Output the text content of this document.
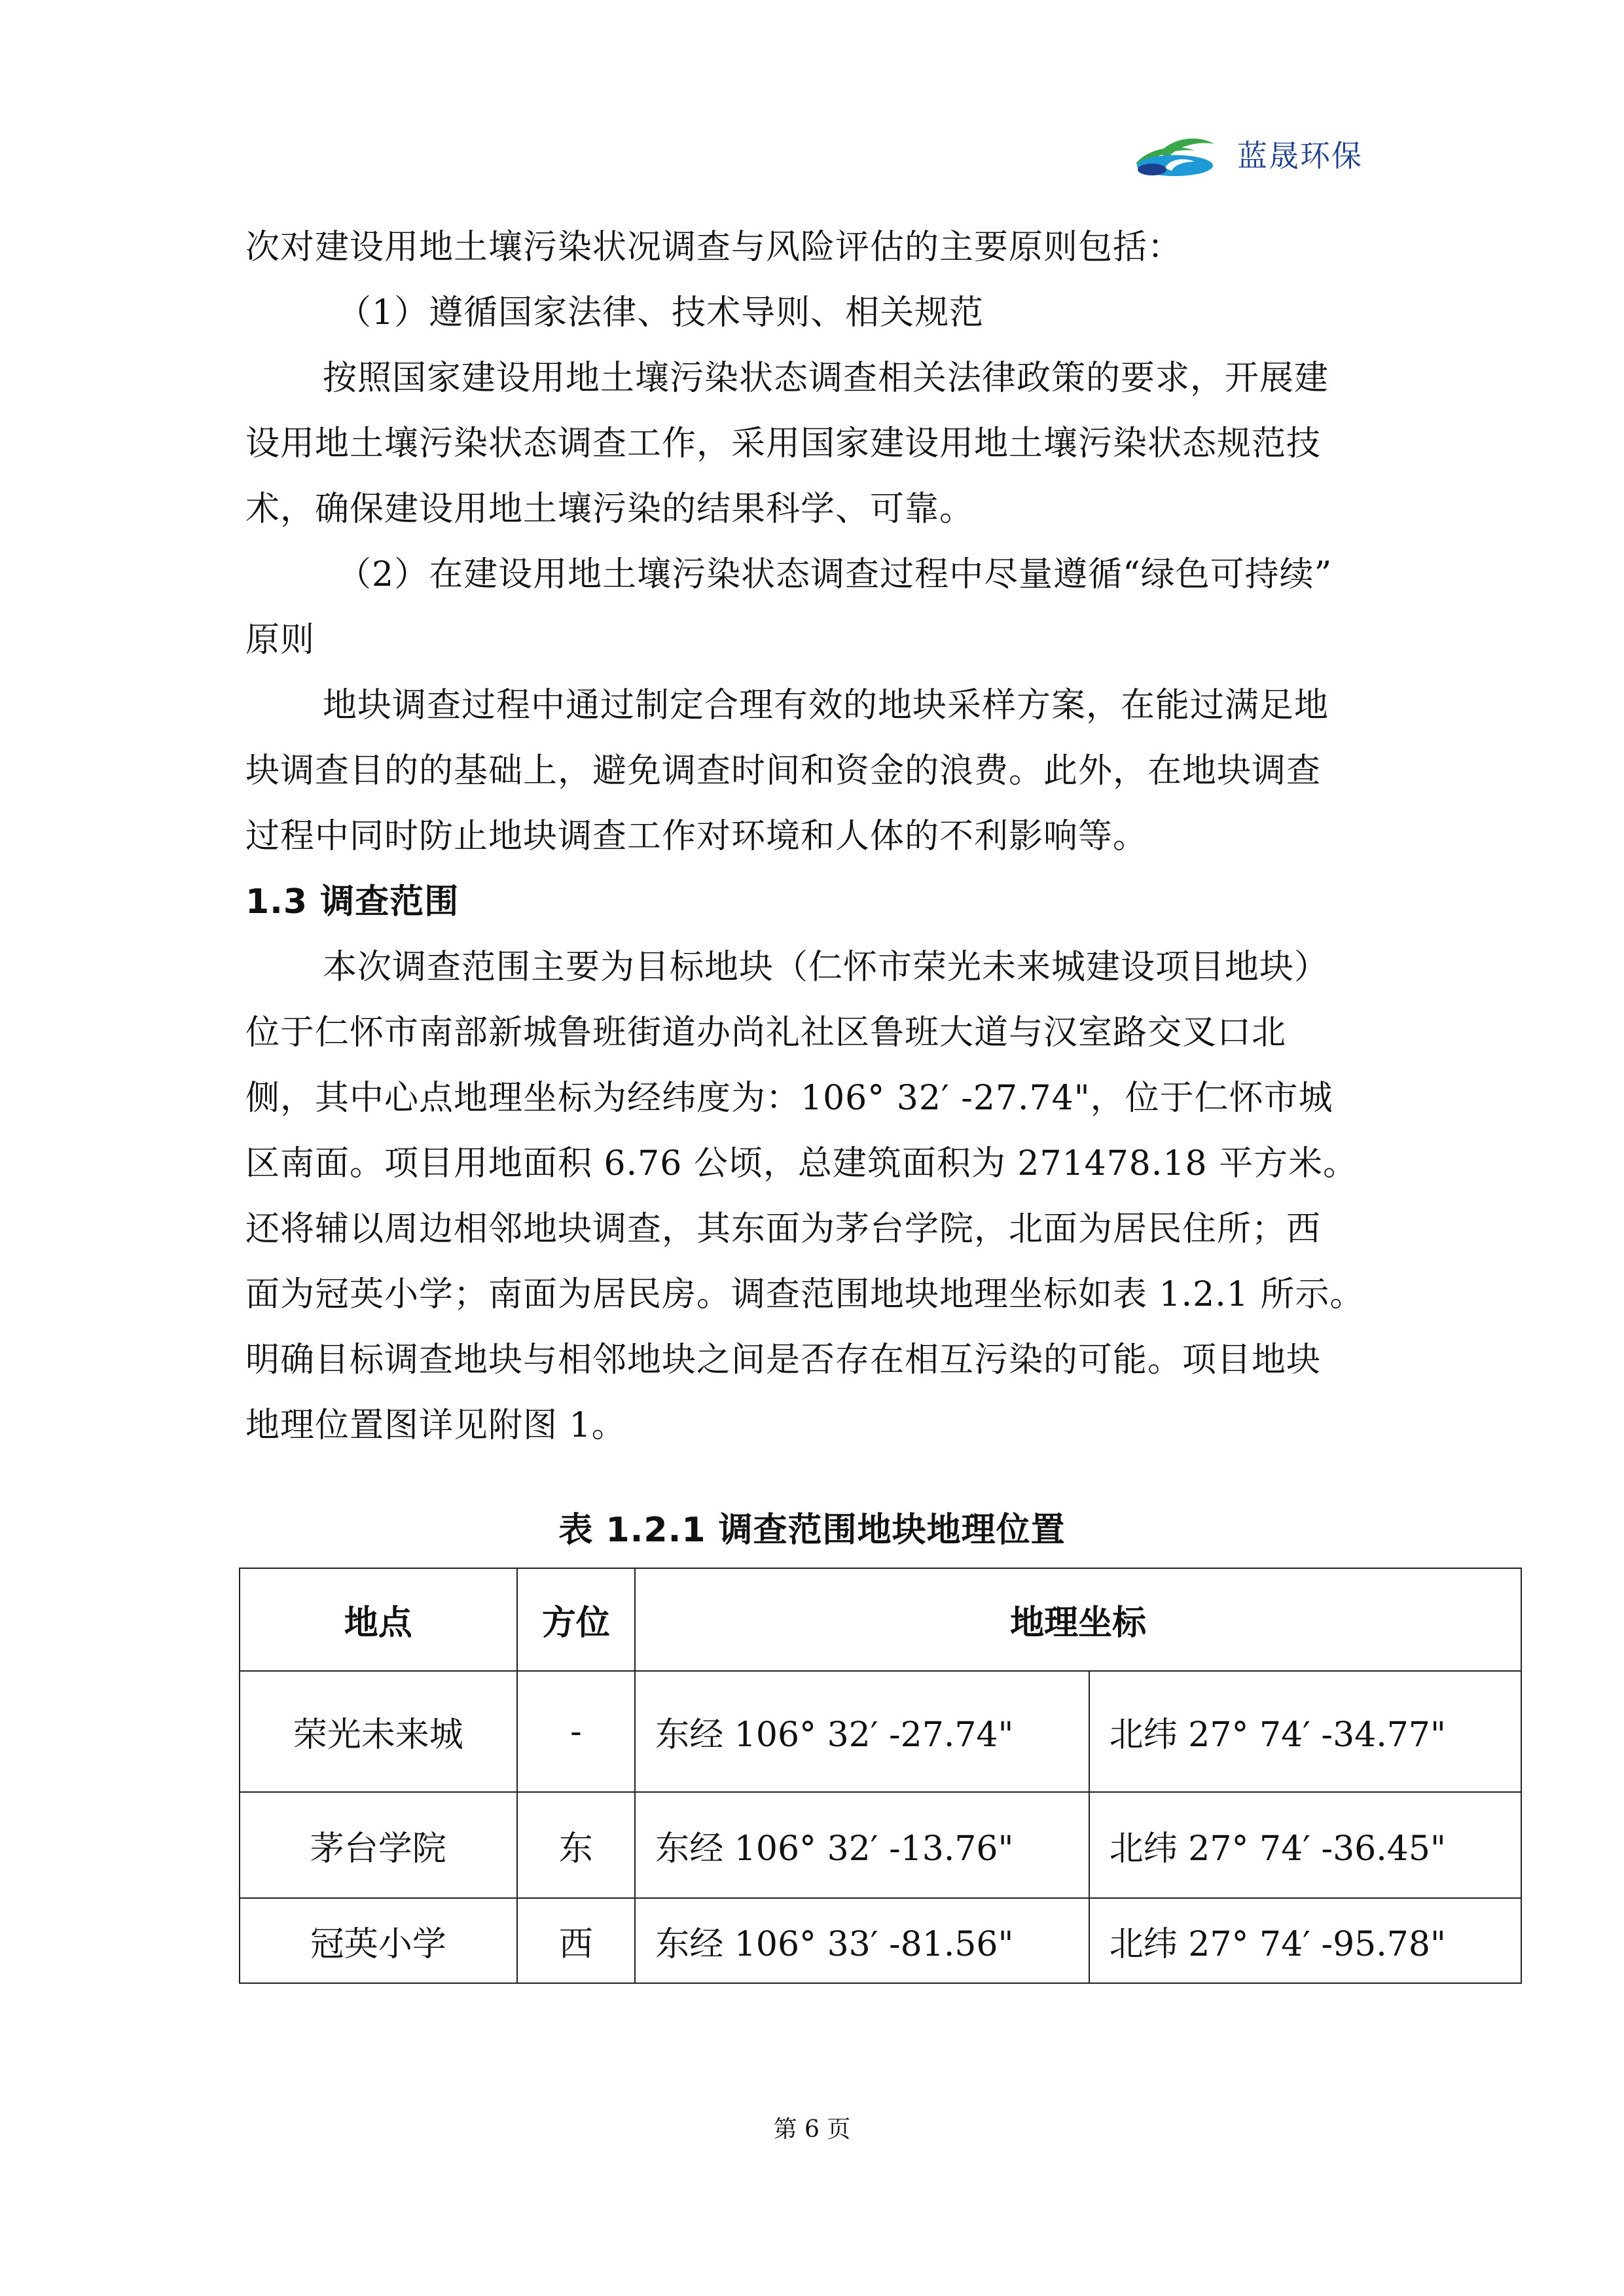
蓝晟环保
次对建设用地土壤污染状况调查与风险评估的主要原则包括：
（1）遵循国家法律、技术导则、相关规范
按照国家建设用地土壤污染状态调查相关法律政策的要求，开展建
设用地土壤污染状态调查工作，采用国家建设用地土壤污染状态规范技
术，确保建设用地土壤污染的结果科学、可靠。
（2）在建设用地土壤污染状态调查过程中尽量遵循“绿色可持续”
原则
地块调查过程中通过制定合理有效的地块采样方案，在能过满足地
块调查目的的基础上，避免调查时间和资金的浪费。此外，在地块调查
过程中同时防止地块调查工作对环境和人体的不利影响等。
1.3 调查范围
本次调查范围主要为目标地块（仁怀市荣光未来城建设项目地块）
位于仁怀市南部新城鲁班街道办尚礼社区鲁班大道与汉室路交叉口北
侧，其中心点地理坐标为经纬度为：106° 32′ -27.74"，位于仁怀市城
区南面。项目用地面积 6.76 公顷，总建筑面积为 271478.18 平方米。
还将辅以周边相邻地块调查，其东面为茅台学院，北面为居民住所；西
面为冠英小学；南面为居民房。调查范围地块地理坐标如表 1.2.1 所示。
明确目标调查地块与相邻地块之间是否存在相互污染的可能。项目地块
地理位置图详见附图 1。
表 1.2.1 调查范围地块地理位置
地点	方位	地理坐标	
荣光未来城	-	东经 106° 32′ -27.74"	北纬 27° 74′ -34.77"
茅台学院	东	东经 106° 32′ -13.76"	北纬 27° 74′ -36.45"
冠英小学	西	东经 106° 33′ -81.56"	北纬 27° 74′ -95.78"
第 6 页
